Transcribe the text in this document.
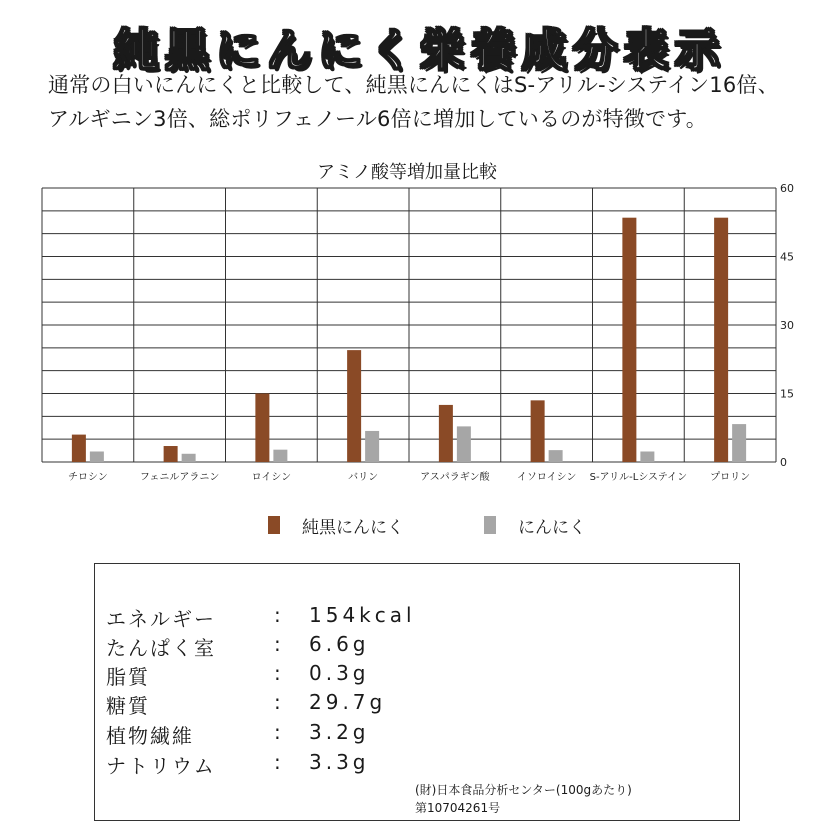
純黒にんにく栄養成分表示
通常の白いにんにくと比較して、純黒にんにくはS-アリル-システイン16倍、
アルギニン3倍、総ポリフェノール6倍に増加しているのが特徴です。
アミノ酸等増加量比較
0
15
30
45
60
チロシン	フェニルアラニン	ロイシン	バリン	アスパラギン酸	イソロイシン S-アリル-Lシステイン プロリン
純黒にんにく	にんにく
エネルギー	: 154kcal
たんぱく室	: 6.6g
脂質	: 0.3g
糖質	: 29.7g
植物繊維	: 3.2g
ナトリウム	: 3.3g
(財)日本食品分析センター(100gあたり)
第10704261号
